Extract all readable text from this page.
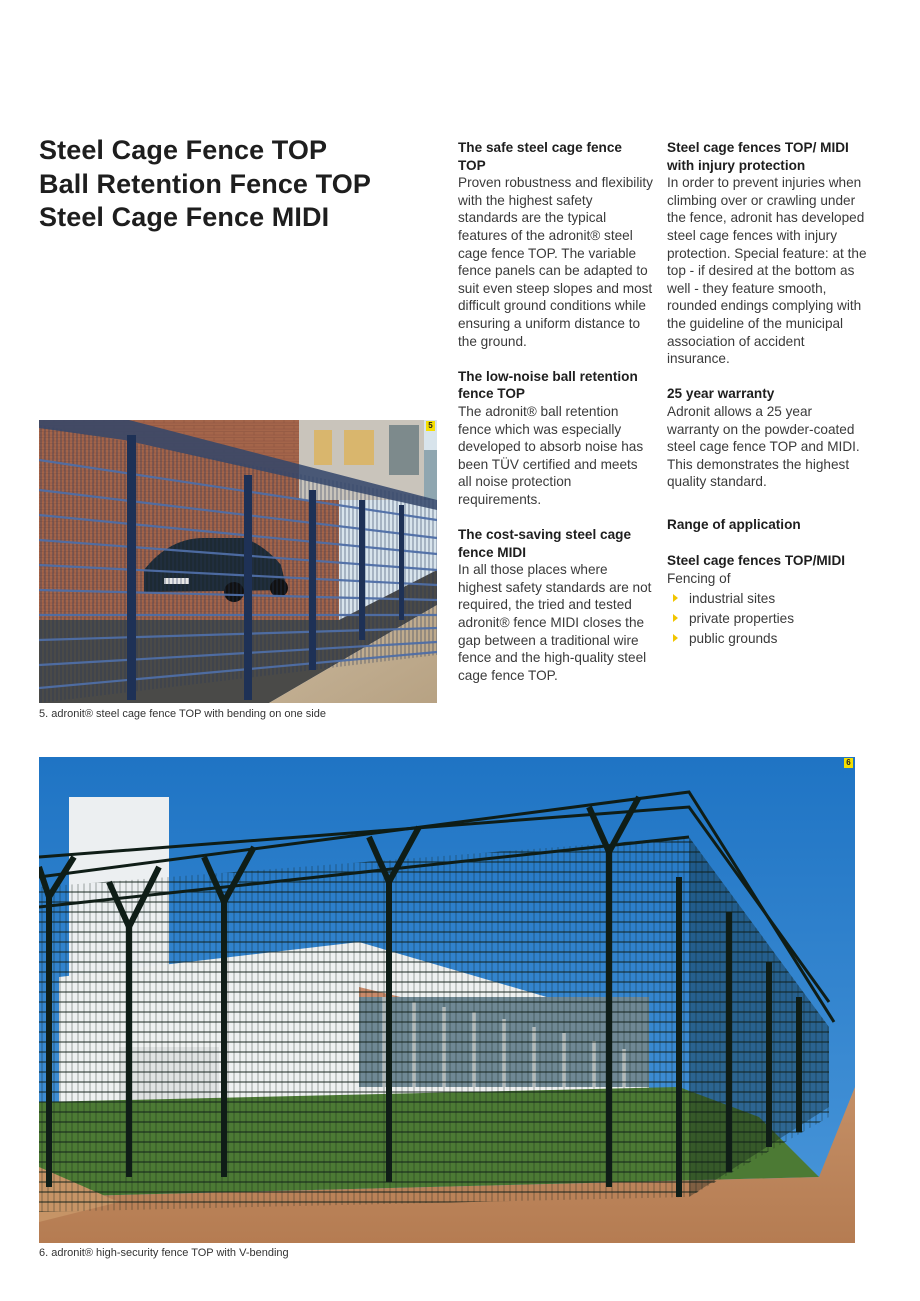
Steel Cage Fence TOP
Ball Retention Fence TOP
Steel Cage Fence MIDI
The safe steel cage fence TOP

Proven robustness and flexibility with the highest safety standards are the typical features of the adronit® steel cage fence TOP. The variable fence panels can be adapted to suit even steep slopes and most difficult ground conditions while ensuring a uniform distance to the ground.

The low-noise ball retention fence TOP

The adronit® ball retention fence which was especially developed to absorb noise has been TÜV certified and meets all noise protection requirements.

The cost-saving steel cage fence MIDI

In all those places where highest safety standards are not required, the tried and tested adronit® fence MIDI closes the gap between a traditional wire fence and the high-quality steel cage fence TOP.

Steel cage fences TOP/ MIDI with injury protection

In order to prevent injuries when climbing over or crawling under the fence, adronit has developed steel cage fences with injury protection. Special feature: at the top - if desired at the bottom as well - they feature smooth, rounded endings complying with the guideline of the municipal association of accident insurance.

25 year warranty

Adronit allows a 25 year warranty on the powder-coated steel cage fence TOP and MIDI. This demonstrates the highest quality standard.

Range of application
Steel cage fences TOP/MIDI

Fencing of

industrial sites
private properties
public grounds
5
5. adronit® steel cage fence TOP with bending on one side
6
6. adronit® high-security fence TOP with V-bending
